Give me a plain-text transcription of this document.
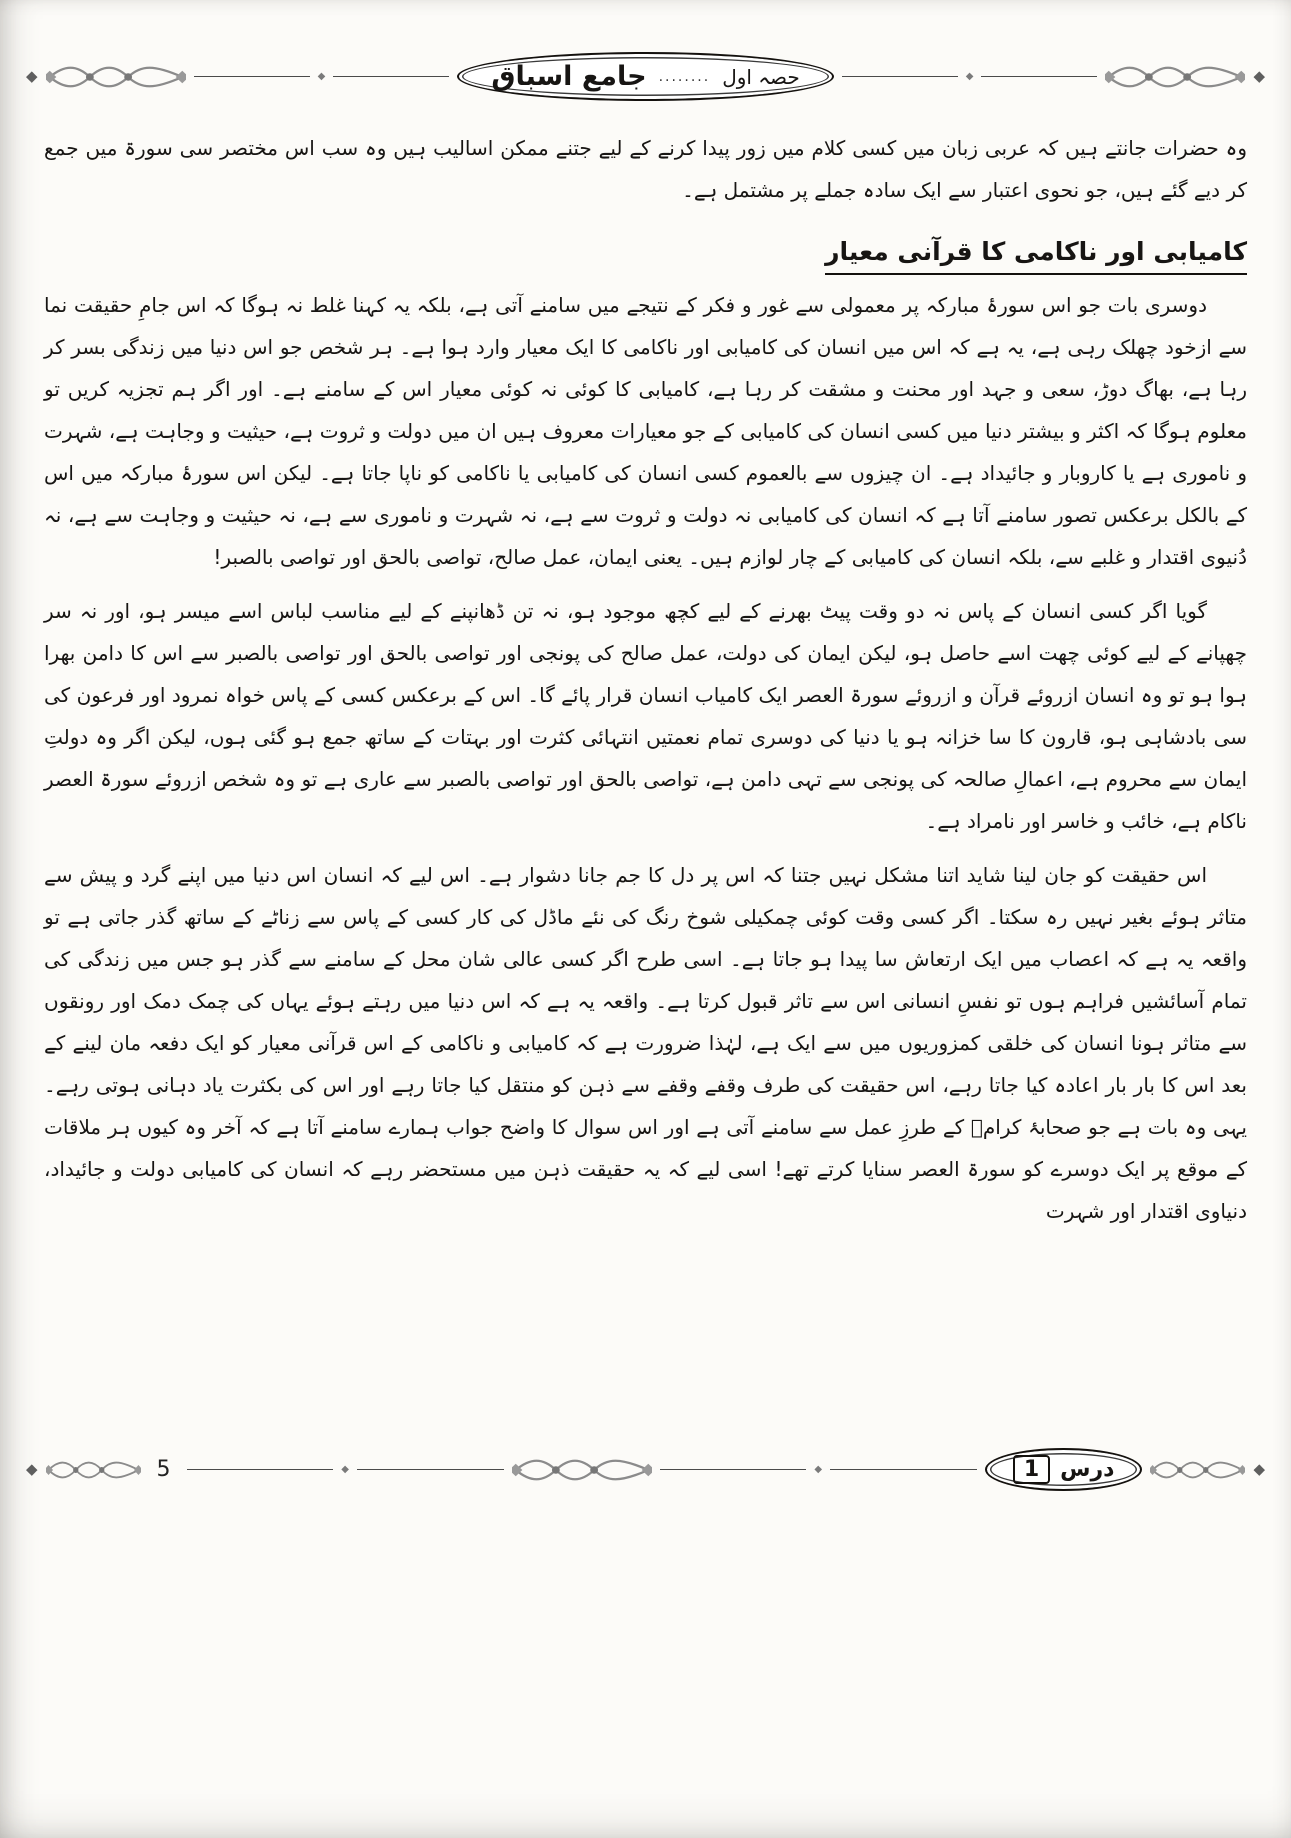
◆	◆	حصہ اول
........
جامع اسباق	◆	◆

وہ حضرات جانتے ہیں کہ عربی زبان میں کسی کلام میں زور پیدا کرنے کے لیے جتنے ممکن اسالیب ہیں وہ سب اس مختصر سی سورۃ میں جمع کر دیے گئے ہیں، جو نحوی اعتبار سے ایک سادہ جملے پر مشتمل ہے۔

کامیابی اور ناکامی کا قرآنی معیار

دوسری بات جو اس سورۂ مبارکہ پر معمولی سے غور و فکر کے نتیجے میں سامنے آتی ہے، بلکہ یہ کہنا غلط نہ ہوگا کہ اس جامِ حقیقت نما سے ازخود چھلک رہی ہے، یہ ہے کہ اس میں انسان کی کامیابی اور ناکامی کا ایک معیار وارد ہوا ہے۔ ہر شخص جو اس دنیا میں زندگی بسر کر رہا ہے، بھاگ دوڑ، سعی و جہد اور محنت و مشقت کر رہا ہے، کامیابی کا کوئی نہ کوئی معیار اس کے سامنے ہے۔ اور اگر ہم تجزیہ کریں تو معلوم ہوگا کہ اکثر و بیشتر دنیا میں کسی انسان کی کامیابی کے جو معیارات معروف ہیں ان میں دولت و ثروت ہے، حیثیت و وجاہت ہے، شہرت و ناموری ہے یا کاروبار و جائیداد ہے۔ ان چیزوں سے بالعموم کسی انسان کی کامیابی یا ناکامی کو ناپا جاتا ہے۔ لیکن اس سورۂ مبارکہ میں اس کے بالکل برعکس تصور سامنے آتا ہے کہ انسان کی کامیابی نہ دولت و ثروت سے ہے، نہ شہرت و ناموری سے ہے، نہ حیثیت و وجاہت سے ہے، نہ دُنیوی اقتدار و غلبے سے، بلکہ انسان کی کامیابی کے چار لوازم ہیں۔ یعنی ایمان، عمل صالح، تواصی بالحق اور تواصی بالصبر!

گویا اگر کسی انسان کے پاس نہ دو وقت پیٹ بھرنے کے لیے کچھ موجود ہو، نہ تن ڈھانپنے کے لیے مناسب لباس اسے میسر ہو، اور نہ سر چھپانے کے لیے کوئی چھت اسے حاصل ہو، لیکن ایمان کی دولت، عمل صالح کی پونجی اور تواصی بالحق اور تواصی بالصبر سے اس کا دامن بھرا ہوا ہو تو وہ انسان ازروئے قرآن و ازروئے سورۃ العصر ایک کامیاب انسان قرار پائے گا۔ اس کے برعکس کسی کے پاس خواہ نمرود اور فرعون کی سی بادشاہی ہو، قارون کا سا خزانہ ہو یا دنیا کی دوسری تمام نعمتیں انتہائی کثرت اور بہتات کے ساتھ جمع ہو گئی ہوں، لیکن اگر وہ دولتِ ایمان سے محروم ہے، اعمالِ صالحہ کی پونجی سے تہی دامن ہے، تواصی بالحق اور تواصی بالصبر سے عاری ہے تو وہ شخص ازروئے سورۃ العصر ناکام ہے، خائب و خاسر اور نامراد ہے۔

اس حقیقت کو جان لینا شاید اتنا مشکل نہیں جتنا کہ اس پر دل کا جم جانا دشوار ہے۔ اس لیے کہ انسان اس دنیا میں اپنے گرد و پیش سے متاثر ہوئے بغیر نہیں رہ سکتا۔ اگر کسی وقت کوئی چمکیلی شوخ رنگ کی نئے ماڈل کی کار کسی کے پاس سے زناٹے کے ساتھ گذر جاتی ہے تو واقعہ یہ ہے کہ اعصاب میں ایک ارتعاش سا پیدا ہو جاتا ہے۔ اسی طرح اگر کسی عالی شان محل کے سامنے سے گذر ہو جس میں زندگی کی تمام آسائشیں فراہم ہوں تو نفسِ انسانی اس سے تاثر قبول کرتا ہے۔ واقعہ یہ ہے کہ اس دنیا میں رہتے ہوئے یہاں کی چمک دمک اور رونقوں سے متاثر ہونا انسان کی خلقی کمزوریوں میں سے ایک ہے، لہٰذا ضرورت ہے کہ کامیابی و ناکامی کے اس قرآنی معیار کو ایک دفعہ مان لینے کے بعد اس کا بار بار اعادہ کیا جاتا رہے، اس حقیقت کی طرف وقفے وقفے سے ذہن کو منتقل کیا جاتا رہے اور اس کی بکثرت یاد دہانی ہوتی رہے۔ یہی وہ بات ہے جو صحابۂ کرامؓ کے طرزِ عمل سے سامنے آتی ہے اور اس سوال کا واضح جواب ہمارے سامنے آتا ہے کہ آخر وہ کیوں ہر ملاقات کے موقع پر ایک دوسرے کو سورۃ العصر سنایا کرتے تھے! اسی لیے کہ یہ حقیقت ذہن میں مستحضر رہے کہ انسان کی کامیابی دولت و جائیداد، دنیاوی اقتدار اور شہرت

◆	5	◆	◆	درس
1	◆
